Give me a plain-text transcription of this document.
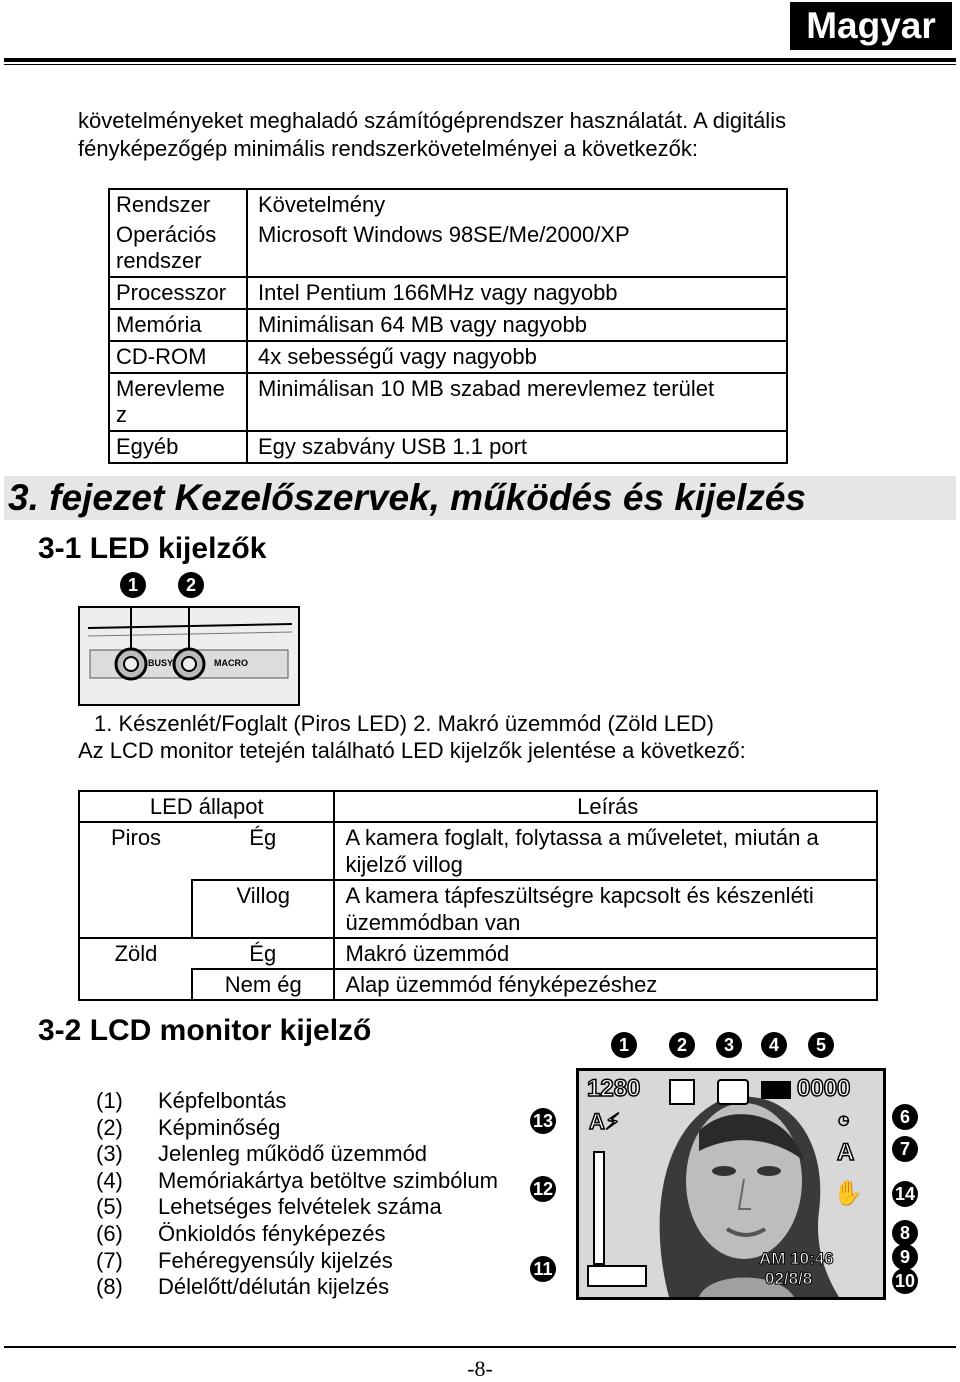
Magyar
követelményeket meghaladó számítógéprendszer használatát. A digitális
fényképezőgép minimális rendszerkövetelményei a következők:
Rendszer	Követelmény
Operációs rendszer	Microsoft Windows 98SE/Me/2000/XP
Processzor	Intel Pentium 166MHz vagy nagyobb
Memória	Minimálisan 64 MB vagy nagyobb
CD-ROM	4x sebességű vagy nagyobb
Merevlemez	Minimálisan 10 MB szabad merevlemez terület
Egyéb	Egy szabvány USB 1.1 port
3. fejezet Kezelőszervek, működés és kijelzés
3-1 LED kijelzők
1	2
BUSY	MACRO
1. Készenlét/Foglalt (Piros LED) 2. Makró üzemmód (Zöld LED)
Az LCD monitor tetején található LED kijelzők jelentése a következő:
LED állapot		Leírás
Piros	Ég	A kamera foglalt, folytassa a műveletet, miután a
kijelző villog

	Villog	A kamera tápfeszültségre kapcsolt és készenléti
üzemmódban van

Zöld	Ég	Makró üzemmód

	Nem ég	Alap üzemmód fényképezéshez
3-2 LCD monitor kijelző
(1)	Képfelbontás
(2)	Képminőség
(3)	Jelenleg működő üzemmód
(4)	Memóriakártya betöltve szimbólum
(5)	Lehetséges felvételek száma
(6)	Önkioldós fényképezés
(7)	Fehéregyensúly kijelzés
(8)	Délelőtt/délután kijelzés
1	2	3	4	5
6
7
14
8
9
10
13
12
11
1280	0000
A⚡	◔
A
✋
AM 10:46
02/8/8
-8-
